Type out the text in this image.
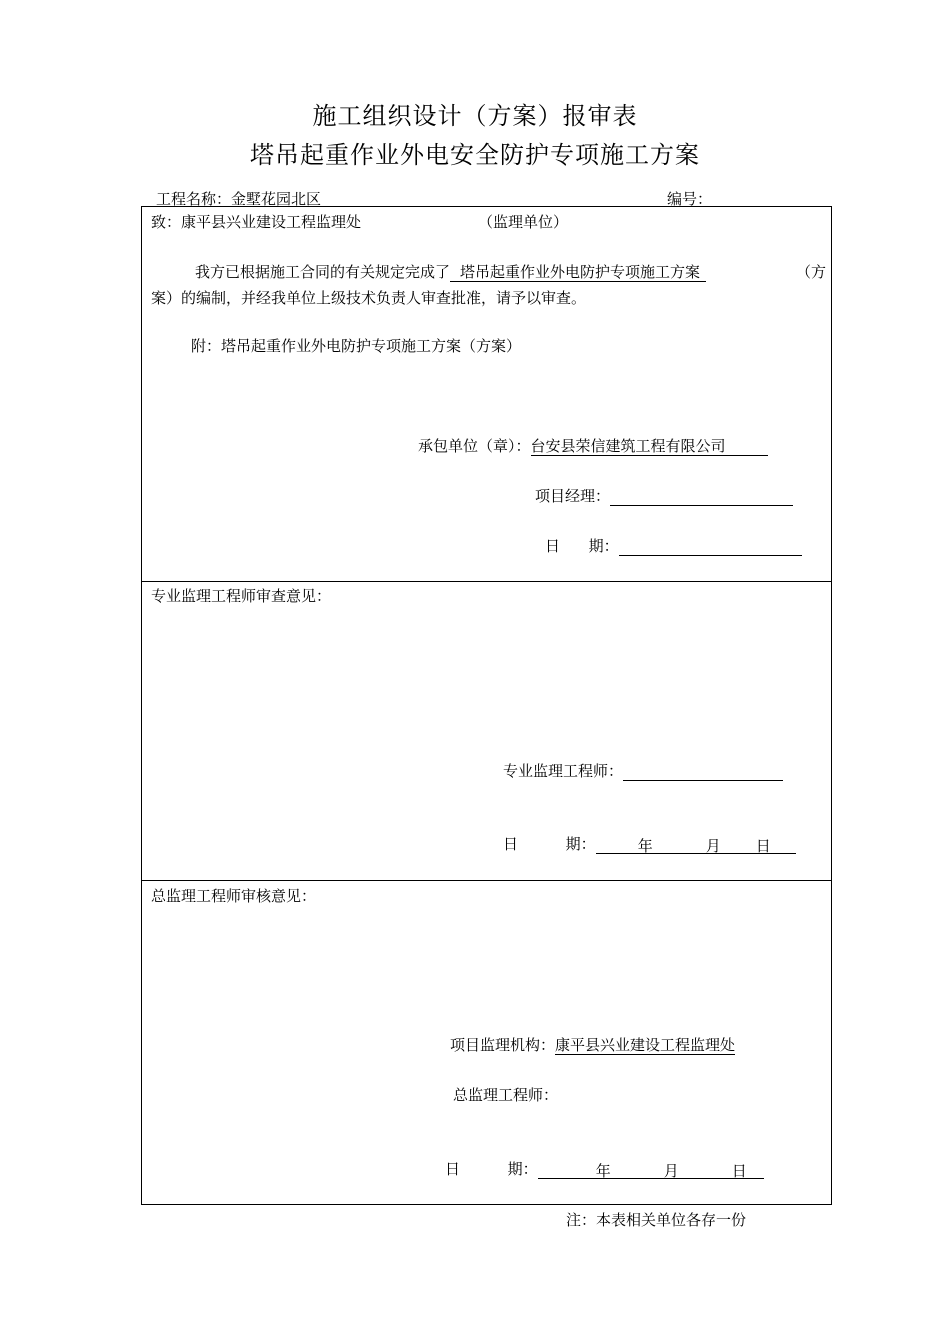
施工组织设计（方案）报审表
塔吊起重作业外电安全防护专项施工方案
工程名称：金墅花园北区	编号：
致：康平县兴业建设工程监理处	（监理单位）
我方已根据施工合同的有关规定完成了 塔吊起重作业外电防护专项施工方案	（方
案）的编制，并经我单位上级技术负责人审查批准，请予以审查。
附：塔吊起重作业外电防护专项施工方案（方案）
承包单位（章）：台安县荣信建筑工程有限公司
项目经理：
日      期：
专业监理工程师审查意见：
专业监理工程师：
日          期：	年	月 日
总监理工程师审核意见：
项目监理机构：康平县兴业建设工程监理处
总监理工程师：
日          期：	年	月	日
注：本表相关单位各存一份
